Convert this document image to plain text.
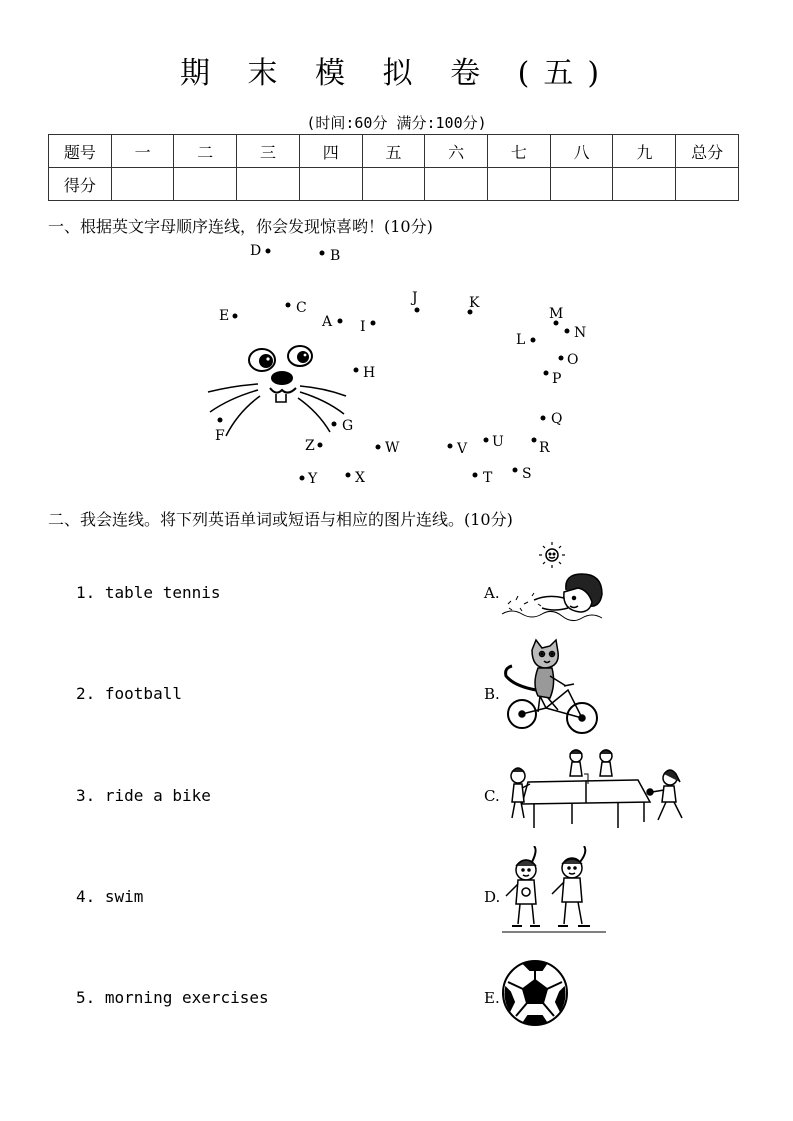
期 末 模 拟 卷 (五)
(时间:60分 满分:100分)
题号	一	二	三	四	五	六	七	八	九	总分
得分										
一、根据英文字母顺序连线，你会发现惊喜哟！(10分)
A
B
C
D
E
F
G
H
I
J	K
L
M
N
O
P
Q
R
S
T
U
V
W
X
Y
Z
二、我会连线。将下列英语单词或短语与相应的图片连线。(10分)
1. table tennis
2. football
3. ride a bike
4. swim
5. morning exercises
A.
B.
C.
D.
E.
